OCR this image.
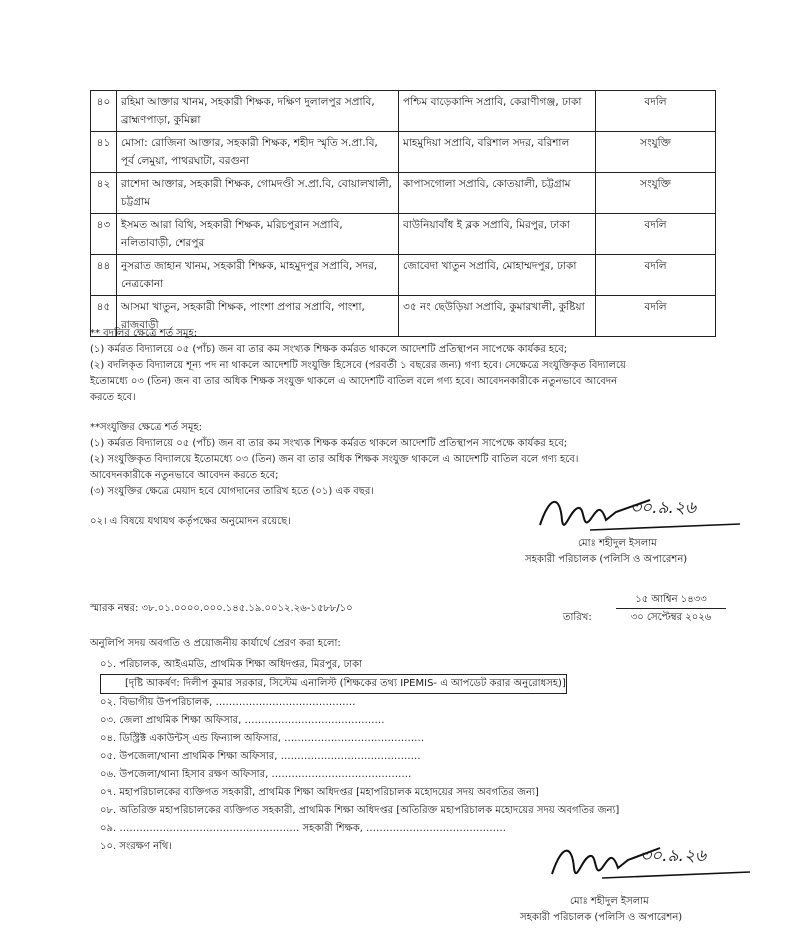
৪০	রহিমা আক্তার খানম, সহকারী শিক্ষক, দক্ষিণ দুলালপুর সপ্রাবি, ব্রাহ্মণপাড়া, কুমিল্লা	পশ্চিম বাড়েকান্দি সপ্রাবি, কেরাণীগঞ্জ, ঢাকা	বদলি
৪১	মোসা: রোজিনা আক্তার, সহকারী শিক্ষক, শহীদ স্মৃতি স.প্রা.বি, পূর্ব লেমুয়া, পাথরঘাটা, বরগুনা	মাহমুদিয়া সপ্রাবি, বরিশাল সদর, বরিশাল	সংযুক্তি
৪২	রাশেদা আক্তার, সহকারী শিক্ষক, গোমদণ্ডী স.প্রা.বি, বোয়ালখালী, চট্টগ্রাম	কাপাসগোলা সপ্রাবি, কোতয়ালী, চট্টগ্রাম	সংযুক্তি
৪৩	ইসমত আরা বিথি, সহকারী শিক্ষক, মরিচপুরান সপ্রাবি, নলিতাবাড়ী, শেরপুর	বাউনিয়াবাঁধ ই ব্লক সপ্রাবি, মিরপুর, ঢাকা	বদলি
৪৪	নুসরাত জাহান খানম, সহকারী শিক্ষক, মাহমুদপুর সপ্রাবি, সদর, নেত্রকোনা	জোবেদা খাতুন সপ্রাবি, মোহাম্মদপুর, ঢাকা	বদলি
৪৫	আসমা খাতুন, সহকারী শিক্ষক, পাংশা প্রপার সপ্রাবি, পাংশা, রাজবাড়ী	৩৫ নং ছেউড়িয়া সপ্রাবি, কুমারখালী, কুষ্টিয়া	বদলি
** বদলির ক্ষেত্রে শর্ত সমূহ:
(১) কর্মরত বিদ্যালয়ে ০৫ (পাঁচ) জন বা তার কম সংখ্যক শিক্ষক কর্মরত থাকলে আদেশটি প্রতিস্থাপন সাপেক্ষে কার্যকর হবে;
(২) বদলিকৃত বিদ্যালয়ে শূন্য পদ না থাকলে আদেশটি সংযুক্তি হিসেবে (পরবর্তী ১ বছরের জন্য) গণ্য হবে। সেক্ষেত্রে সংযুক্তিকৃত বিদ্যালয়ে
ইতোমধ্যে ০৩ (তিন) জন বা তার অধিক শিক্ষক সংযুক্ত থাকলে এ আদেশটি বাতিল বলে গণ্য হবে। আবেদনকারীকে নতুনভাবে আবেদন
করতে হবে।
**সংযুক্তির ক্ষেত্রে শর্ত সমূহ:
(১) কর্মরত বিদ্যালয়ে ০৫ (পাঁচ) জন বা তার কম সংখ্যক শিক্ষক কর্মরত থাকলে আদেশটি প্রতিস্থাপন সাপেক্ষে কার্যকর হবে;
(২) সংযুক্তিকৃত বিদ্যালয়ে ইতোমধ্যে ০৩ (তিন) জন বা তার অধিক শিক্ষক সংযুক্ত থাকলে এ আদেশটি বাতিল বলে গণ্য হবে।
আবেদনকারীকে নতুনভাবে আবেদন করতে হবে;
(৩) সংযুক্তির ক্ষেত্রে মেয়াদ হবে যোগদানের তারিখ হতে (০১) এক বছর।
০২। এ বিষয়ে যথাযথ কর্তৃপক্ষের অনুমোদন রয়েছে।
৩০.৯.২৬
মোঃ শহীদুল ইসলাম
সহকারী পরিচালক (পলিসি ও অপারেশন)
স্মারক নম্বর: ৩৮.০১.০০০০.০০০.১৪৫.১৯.০০১২.২৬-১৫৮৮/১০
তারিখ:
১৫ আশ্বিন ১৪৩৩
৩০ সেপ্টেম্বর ২০২৬
অনুলিপি সদয় অবগতি ও প্রয়োজনীয় কার্যার্থে প্রেরণ করা হলো:
০১. পরিচালক, আইএমডি, প্রাথমিক শিক্ষা অধিদপ্তর, মিরপুর, ঢাকা
[দৃষ্টি আকর্ষণ: দিলীপ কুমার সরকার, সিস্টেম এনালিস্ট (শিক্ষকের তথ্য IPEMIS- এ আপডেট করার অনুরোধসহ)]
০২. বিভাগীয় উপপরিচালক, ……………………………………
০৩. জেলা প্রাথমিক শিক্ষা অফিসার, ……………………………………
০৪. ডিস্ট্রিক্ট একাউন্টস্ এন্ড ফিন্যান্স অফিসার, ……………………………………
০৫. উপজেলা/থানা প্রাথমিক শিক্ষা অফিসার, ……………………………………
০৬. উপজেলা/থানা হিসাব রক্ষণ অফিসার, ……………………………………
০৭. মহাপরিচালকের ব্যক্তিগত সহকারী, প্রাথমিক শিক্ষা অধিদপ্তর [মহাপরিচালক মহোদয়ের সদয় অবগতির জন্য]
০৮. অতিরিক্ত মহাপরিচালকের ব্যক্তিগত সহকারী, প্রাথমিক শিক্ষা অধিদপ্তর [অতিরিক্ত মহাপরিচালক মহোদয়ের সদয় অবগতির জন্য]
০৯. ……………………………………………… সহকারী শিক্ষক, ……………………………………
১০. সংরক্ষণ নথি।	৩০.৯.২৬
মোঃ শহীদুল ইসলাম
সহকারী পরিচালক (পলিসি ও অপারেশন)
